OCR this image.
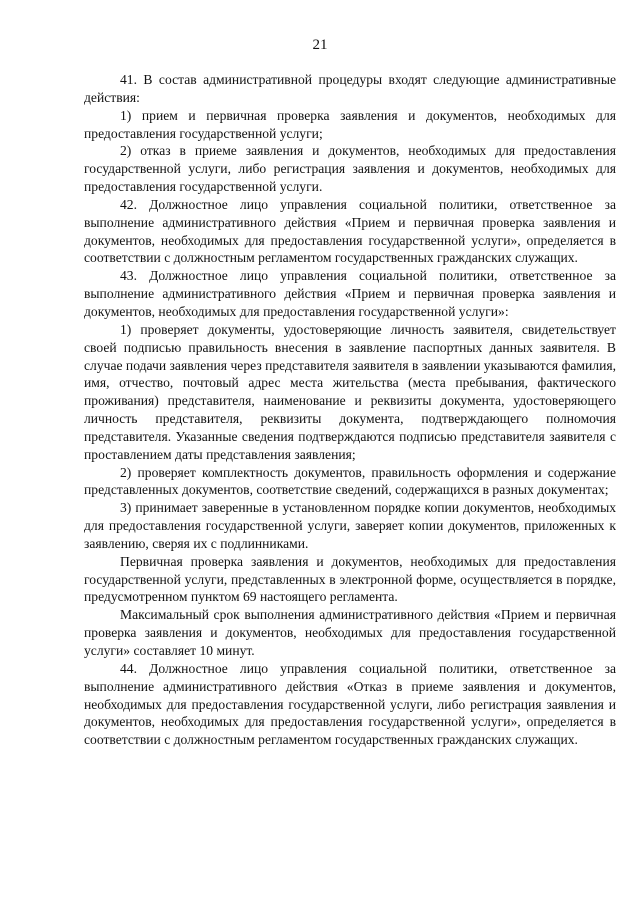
21

41. В состав административной процедуры входят следующие административные действия:

1) прием и первичная проверка заявления и документов, необходимых для предоставления государственной услуги;

2) отказ в приеме заявления и документов, необходимых для предоставления государственной услуги, либо регистрация заявления и документов, необходимых для предоставления государственной услуги.

42. Должностное лицо управления социальной политики, ответственное за выполнение административного действия «Прием и первичная проверка заявления и документов, необходимых для предоставления государственной услуги», определяется в соответствии с должностным регламентом государственных гражданских служащих.

43. Должностное лицо управления социальной политики, ответственное за выполнение административного действия «Прием и первичная проверка заявления и документов, необходимых для предоставления государственной услуги»:

1) проверяет документы, удостоверяющие личность заявителя, свидетельствует своей подписью правильность внесения в заявление паспортных данных заявителя. В случае подачи заявления через представителя заявителя в заявлении указываются фамилия, имя, отчество, почтовый адрес места жительства (места пребывания, фактического проживания) представителя, наименование и реквизиты документа, удостоверяющего личность представителя, реквизиты документа, подтверждающего полномочия представителя. Указанные сведения подтверждаются подписью представителя заявителя с проставлением даты представления заявления;

2) проверяет комплектность документов, правильность оформления и содержание представленных документов, соответствие сведений, содержащихся в разных документах;

3) принимает заверенные в установленном порядке копии документов, необходимых для предоставления государственной услуги, заверяет копии документов, приложенных к заявлению, сверяя их с подлинниками.

Первичная проверка заявления и документов, необходимых для предоставления государственной услуги, представленных в электронной форме, осуществляется в порядке, предусмотренном пунктом 69 настоящего регламента.

Максимальный срок выполнения административного действия «Прием и первичная проверка заявления и документов, необходимых для предоставления государственной услуги» составляет 10 минут.

44. Должностное лицо управления социальной политики, ответственное за выполнение административного действия «Отказ в приеме заявления и документов, необходимых для предоставления государственной услуги, либо регистрация заявления и документов, необходимых для предоставления государственной услуги», определяется в соответствии с должностным регламентом государственных гражданских служащих.
